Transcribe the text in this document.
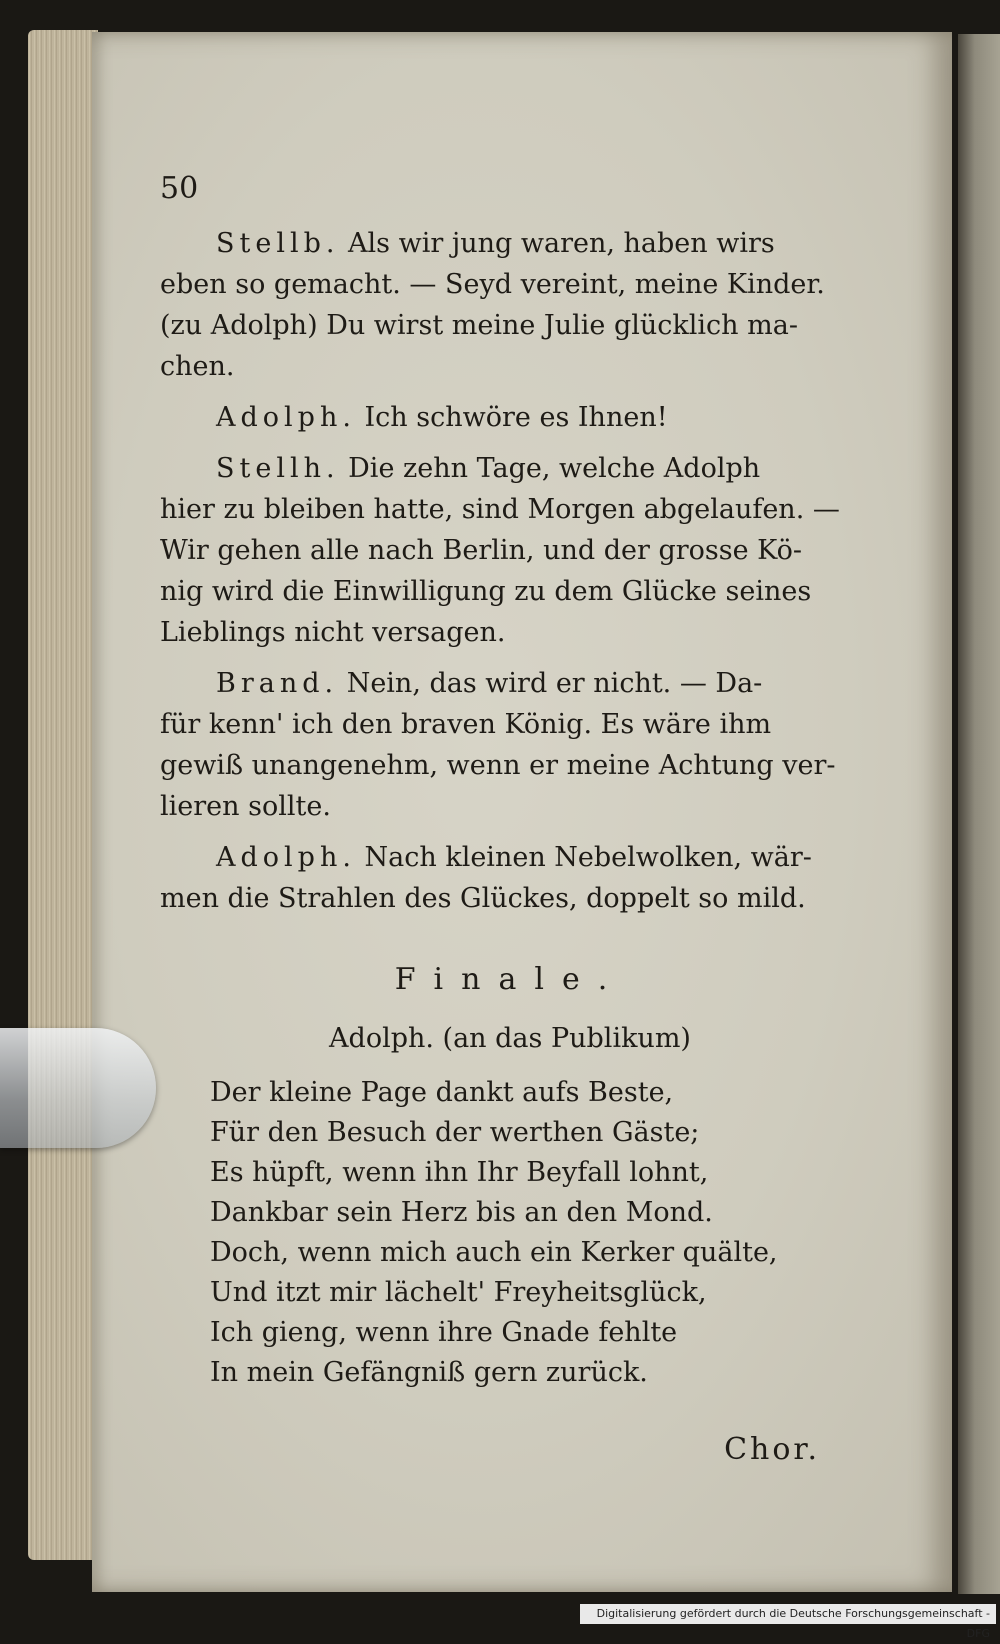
50
Stellb. Als wir jung waren, haben wirs
eben so gemacht. — Seyd vereint, meine Kinder.
(zu Adolph) Du wirst meine Julie glücklich ma-
chen.
Adolph. Ich schwöre es Ihnen!
Stellh. Die zehn Tage, welche Adolph
hier zu bleiben hatte, sind Morgen abgelaufen. —
Wir gehen alle nach Berlin, und der grosse Kö-
nig wird die Einwilligung zu dem Glücke seines
Lieblings nicht versagen.
Brand. Nein, das wird er nicht. — Da-
für kenn' ich den braven König. Es wäre ihm
gewiß unangenehm, wenn er meine Achtung ver-
lieren sollte.
Adolph. Nach kleinen Nebelwolken, wär-
men die Strahlen des Glückes, doppelt so mild.
Finale.
Adolph. (an das Publikum)
Der kleine Page dankt aufs Beste,
Für den Besuch der werthen Gäste;
Es hüpft, wenn ihn Ihr Beyfall lohnt,
Dankbar sein Herz bis an den Mond.
Doch, wenn mich auch ein Kerker quälte,
Und itzt mir lächelt' Freyheitsglück,
Ich gieng, wenn ihre Gnade fehlte
In mein Gefängniß gern zurück.
Chor.
Digitalisierung gefördert durch die Deutsche Forschungsgemeinschaft - DFG
